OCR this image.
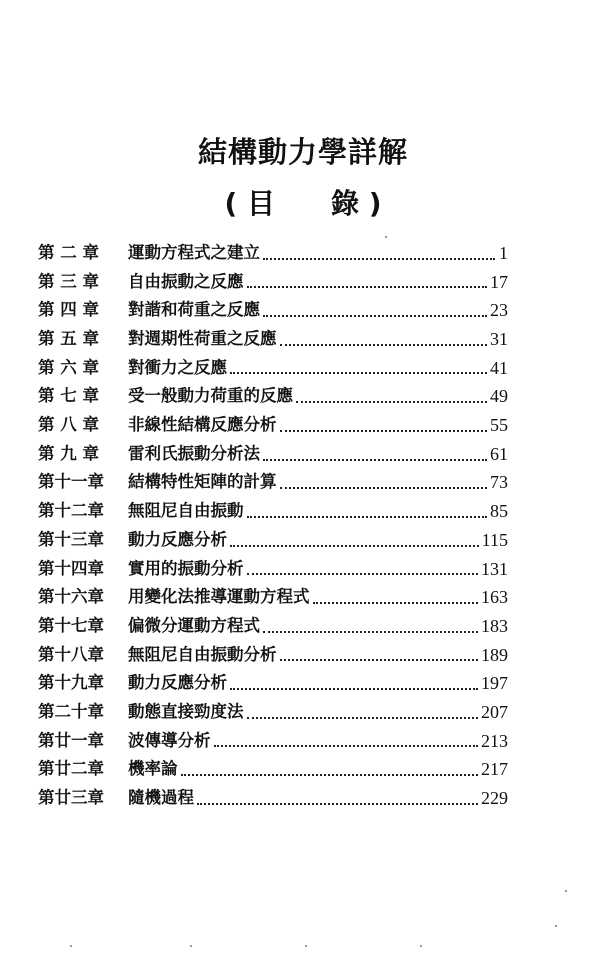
結構動力學詳解
( 目　　錄 )
第 二 章	運動方程式之建立	1
第 三 章	自由振動之反應	17
第 四 章	對諧和荷重之反應	23
第 五 章	對週期性荷重之反應	31
第 六 章	對衝力之反應	41
第 七 章	受一般動力荷重的反應	49
第 八 章	非線性結構反應分析	55
第 九 章	雷利氏振動分析法	61
第十一章	結構特性矩陣的計算	73
第十二章	無阻尼自由振動	85
第十三章	動力反應分析	115
第十四章	實用的振動分析	131
第十六章	用變化法推導運動方程式	163
第十七章	偏微分運動方程式	183
第十八章	無阻尼自由振動分析	189
第十九章	動力反應分析	197
第二十章	動態直接勁度法	207
第廿一章	波傳導分析	213
第廿二章	機率論	217
第廿三章	隨機過程	229
